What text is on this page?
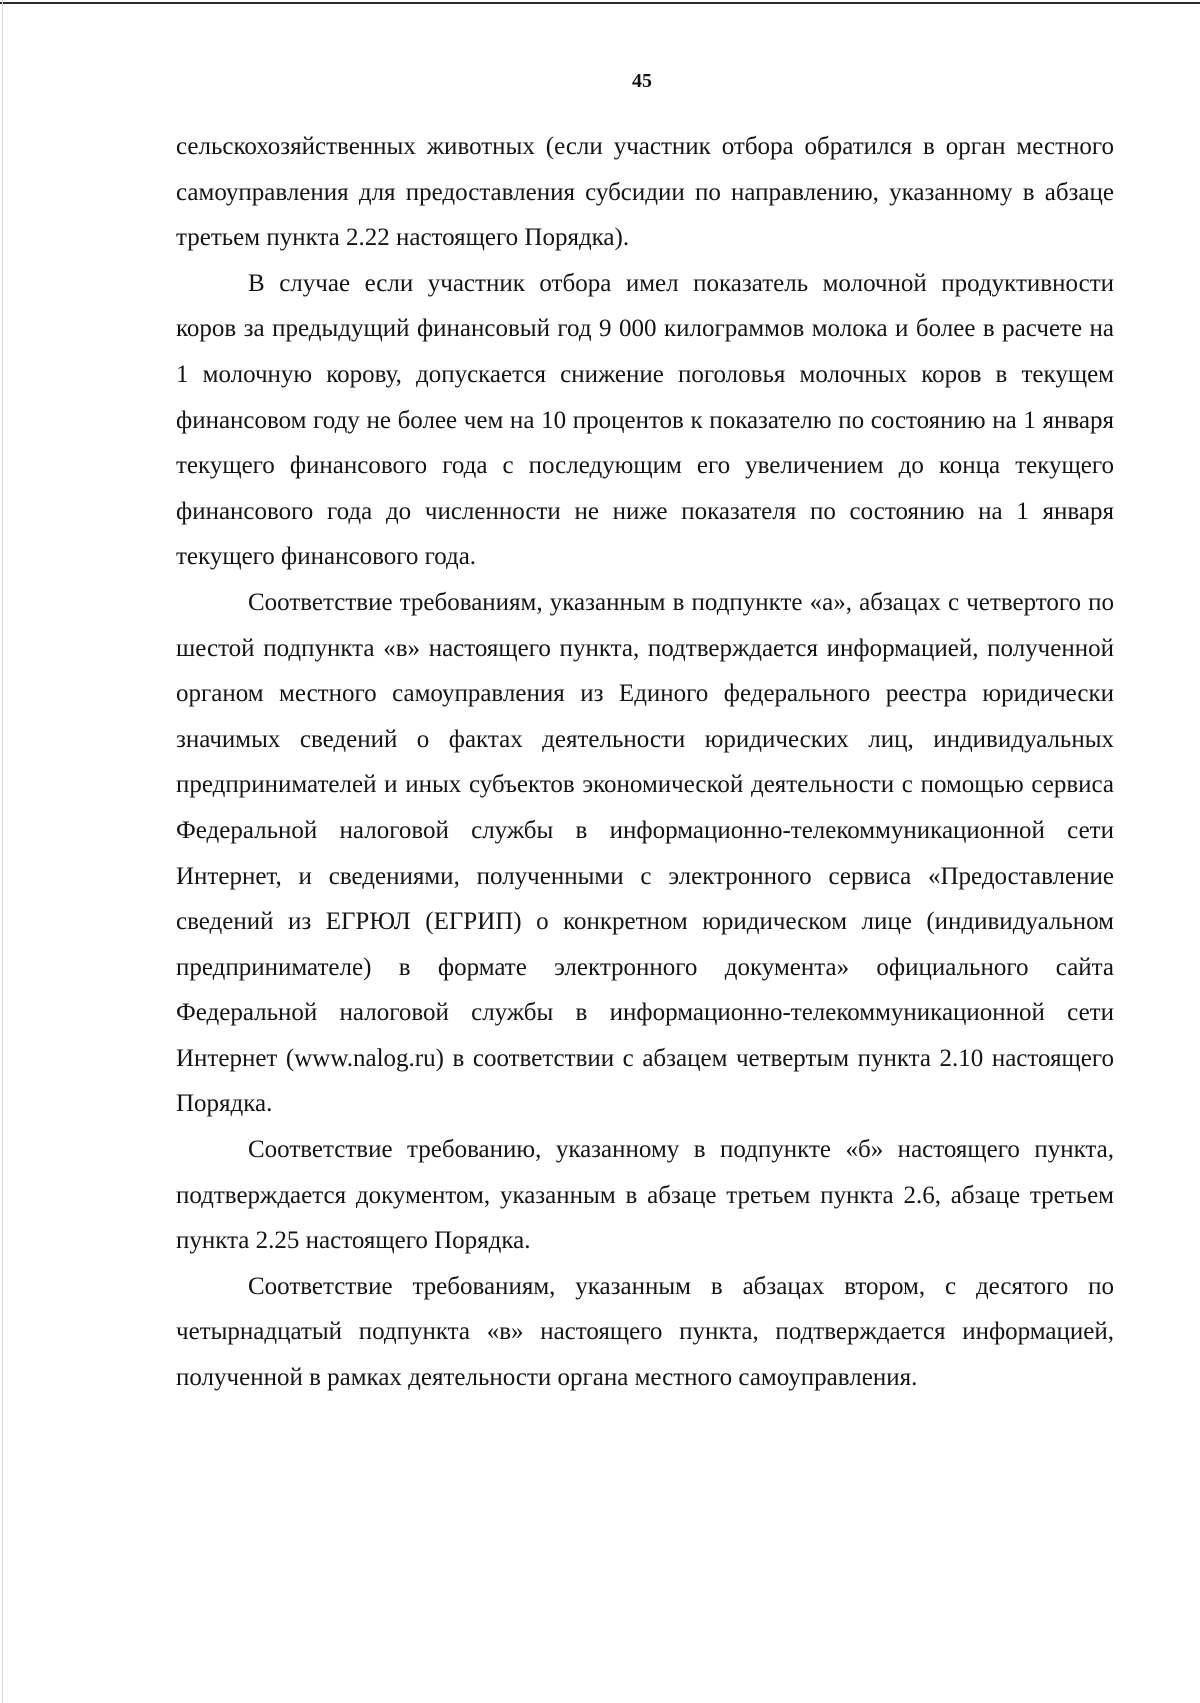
45

сельскохозяйственных животных (если участник отбора обратился в орган местного самоуправления для предоставления субсидии по направлению, указанному в абзаце третьем пункта 2.22 настоящего Порядка).

В случае если участник отбора имел показатель молочной продуктивности коров за предыдущий финансовый год 9 000 килограммов молока и более в расчете на 1 молочную корову, допускается снижение поголовья молочных коров в текущем финансовом году не более чем на 10 процентов к показателю по состоянию на 1 января текущего финансового года с последующим его увеличением до конца текущего финансового года до численности не ниже показателя по состоянию на 1 января текущего финансового года.

Соответствие требованиям, указанным в подпункте «а», абзацах с четвертого по шестой подпункта «в» настоящего пункта, подтверждается информацией, полученной органом местного самоуправления из Единого федерального реестра юридически значимых сведений о фактах деятельности юридических лиц, индивидуальных предпринимателей и иных субъектов экономической деятельности с помощью сервиса Федеральной налоговой службы в информационно-телекоммуникационной сети Интернет, и сведениями, полученными с электронного сервиса «Предоставление сведений из ЕГРЮЛ (ЕГРИП) о конкретном юридическом лице (индивидуальном предпринимателе) в формате электронного документа» официального сайта Федеральной налоговой службы в информационно-телекоммуникационной сети Интернет (www.nalog.ru) в соответствии с абзацем четвертым пункта 2.10 настоящего Порядка.

Соответствие требованию, указанному в подпункте «б» настоящего пункта, подтверждается документом, указанным в абзаце третьем пункта 2.6, абзаце третьем пункта 2.25 настоящего Порядка.

Соответствие требованиям, указанным в абзацах втором, с десятого по четырнадцатый подпункта «в» настоящего пункта, подтверждается информацией, полученной в рамках деятельности органа местного самоуправления.
